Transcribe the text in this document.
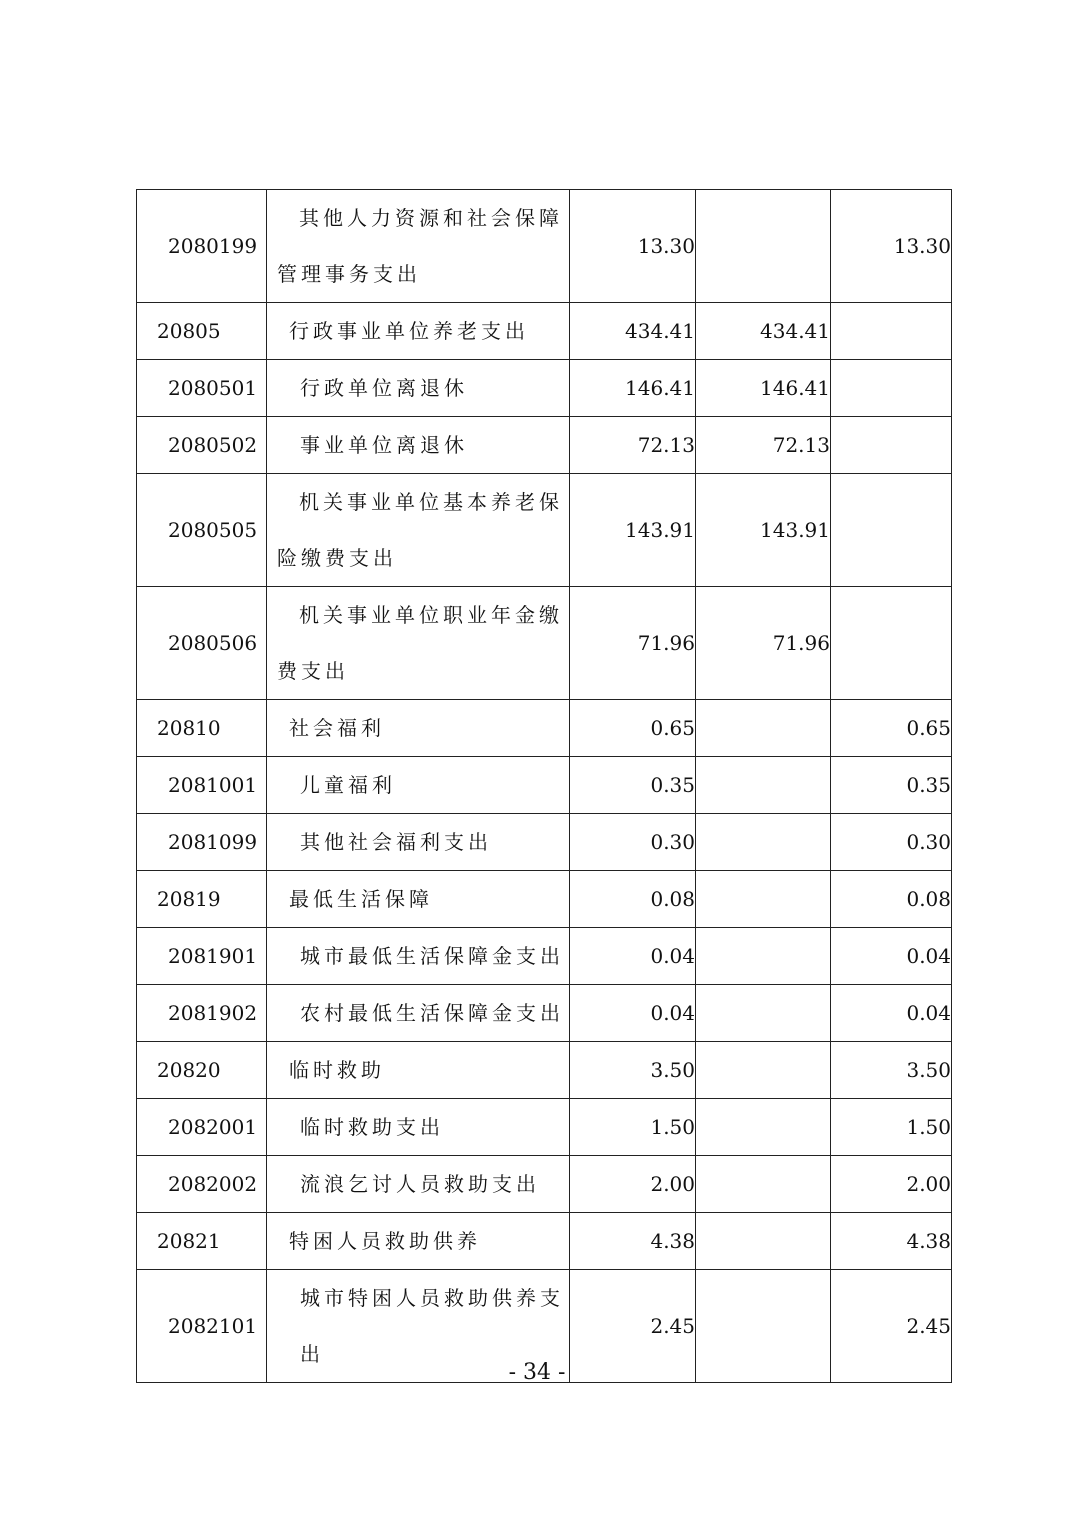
2080199	其他人力资源和社会保障管理事务支出	13.30		13.30
20805	行政事业单位养老支出	434.41	434.41	
2080501	行政单位离退休	146.41	146.41	
2080502	事业单位离退休	72.13	72.13	
2080505	机关事业单位基本养老保险缴费支出	143.91	143.91	
2080506	机关事业单位职业年金缴费支出	71.96	71.96	
20810	社会福利	0.65		0.65
2081001	儿童福利	0.35		0.35
2081099	其他社会福利支出	0.30		0.30
20819	最低生活保障	0.08		0.08
2081901	城市最低生活保障金支出	0.04		0.04
2081902	农村最低生活保障金支出	0.04		0.04
20820	临时救助	3.50		3.50
2082001	临时救助支出	1.50		1.50
2082002	流浪乞讨人员救助支出	2.00		2.00
20821	特困人员救助供养	4.38		4.38
2082101	城市特困人员救助供养支出	2.45		2.45
- 34 -
